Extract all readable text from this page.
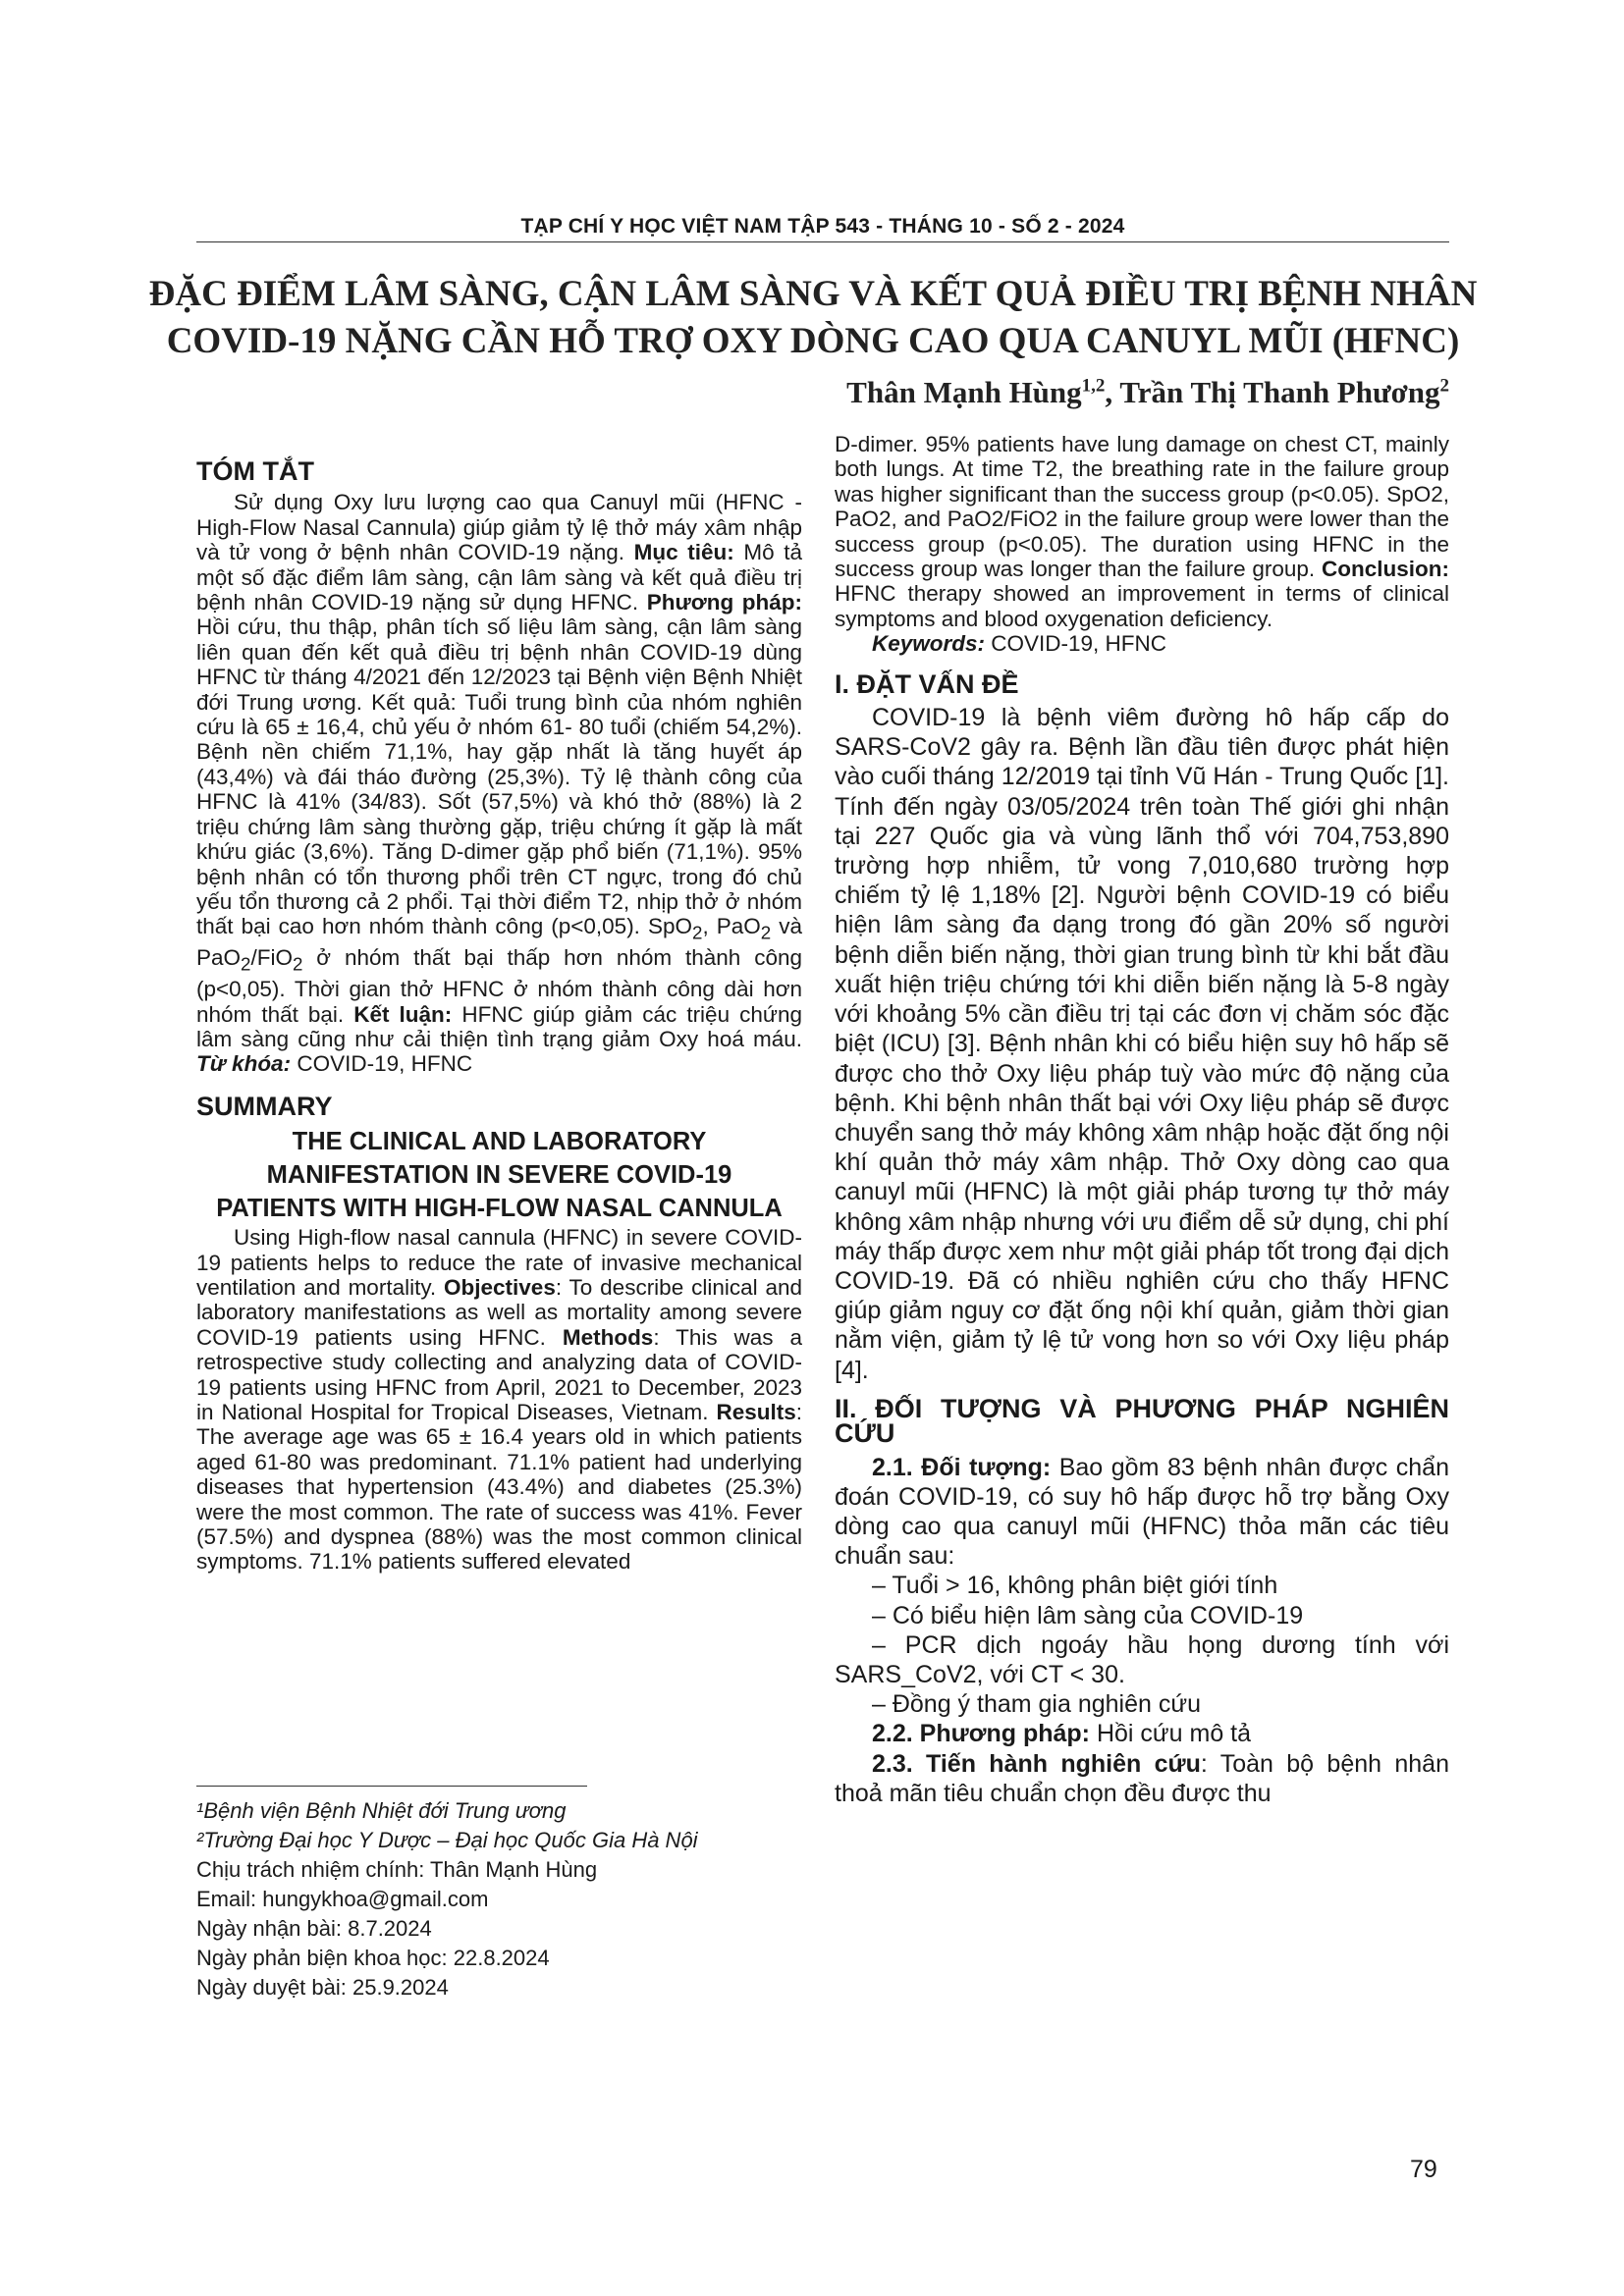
TẠP CHÍ Y HỌC VIỆT NAM TẬP 543 - THÁNG 10 - SỐ 2 - 2024
ĐẶC ĐIỂM LÂM SÀNG, CẬN LÂM SÀNG VÀ KẾT QUẢ ĐIỀU TRỊ BỆNH NHÂN
COVID-19 NẶNG CẦN HỖ TRỢ OXY DÒNG CAO QUA CANUYL MŨI (HFNC)
Thân Mạnh Hùng$^{1,2}$, Trần Thị Thanh Phương$^2$
TÓM TẮT

Sử dụng Oxy lưu lượng cao qua Canuyl mũi (HFNC - High-Flow Nasal Cannula) giúp giảm tỷ lệ thở máy xâm nhập và tử vong ở bệnh nhân COVID-19 nặng. Mục tiêu: Mô tả một số đặc điểm lâm sàng, cận lâm sàng và kết quả điều trị bệnh nhân COVID-19 nặng sử dụng HFNC. Phương pháp: Hồi cứu, thu thập, phân tích số liệu lâm sàng, cận lâm sàng liên quan đến kết quả điều trị bệnh nhân COVID-19 dùng HFNC từ tháng 4/2021 đến 12/2023 tại Bệnh viện Bệnh Nhiệt đới Trung ương. Kết quả: Tuổi trung bình của nhóm nghiên cứu là 65 ± 16,4, chủ yếu ở nhóm 61- 80 tuổi (chiếm 54,2%). Bệnh nền chiếm 71,1%, hay gặp nhất là tăng huyết áp (43,4%) và đái tháo đường (25,3%). Tỷ lệ thành công của HFNC là 41% (34/83). Sốt (57,5%) và khó thở (88%) là 2 triệu chứng lâm sàng thường gặp, triệu chứng ít gặp là mất khứu giác (3,6%). Tăng D-dimer gặp phổ biến (71,1%). 95% bệnh nhân có tổn thương phổi trên CT ngực, trong đó chủ yếu tổn thương cả 2 phổi. Tại thời điểm T2, nhịp thở ở nhóm thất bại cao hơn nhóm thành công (p<0,05). SpO$_2$, PaO$_2$ và PaO$_2$/FiO$_2$ ở nhóm thất bại thấp hơn nhóm thành công (p<0,05). Thời gian thở HFNC ở nhóm thành công dài hơn nhóm thất bại. Kết luận: HFNC giúp giảm các triệu chứng lâm sàng cũng như cải thiện tình trạng giảm Oxy hoá máu. Từ khóa: COVID-19, HFNC

SUMMARY
THE CLINICAL AND LABORATORY
MANIFESTATION IN SEVERE COVID-19
PATIENTS WITH HIGH-FLOW NASAL CANNULA

Using High-flow nasal cannula (HFNC) in severe COVID-19 patients helps to reduce the rate of invasive mechanical ventilation and mortality. Objectives: To describe clinical and laboratory manifestations as well as mortality among severe COVID-19 patients using HFNC. Methods: This was a retrospective study collecting and analyzing data of COVID-19 patients using HFNC from April, 2021 to December, 2023 in National Hospital for Tropical Diseases, Vietnam. Results: The average age was 65 ± 16.4 years old in which patients aged 61-80 was predominant. 71.1% patient had underlying diseases that hypertension (43.4%) and diabetes (25.3%) were the most common. The rate of success was 41%. Fever (57.5%) and dyspnea (88%) was the most common clinical symptoms. 71.1% patients suffered elevated

¹Bệnh viện Bệnh Nhiệt đới Trung ương
²Trường Đại học Y Dược – Đại học Quốc Gia Hà Nội
Chịu trách nhiệm chính: Thân Mạnh Hùng
Email: hungykhoa@gmail.com
Ngày nhận bài: 8.7.2024
Ngày phản biện khoa học: 22.8.2024
Ngày duyệt bài: 25.9.2024

D-dimer. 95% patients have lung damage on chest CT, mainly both lungs. At time T2, the breathing rate in the failure group was higher significant than the success group (p<0.05). SpO2, PaO2, and PaO2/FiO2 in the failure group were lower than the success group (p<0.05). The duration using HFNC in the success group was longer than the failure group. Conclusion: HFNC therapy showed an improvement in terms of clinical symptoms and blood oxygenation deficiency.

Keywords: COVID-19, HFNC

I. ĐẶT VẤN ĐỀ

COVID-19 là bệnh viêm đường hô hấp cấp do SARS-CoV2 gây ra. Bệnh lần đầu tiên được phát hiện vào cuối tháng 12/2019 tại tỉnh Vũ Hán - Trung Quốc [1]. Tính đến ngày 03/05/2024 trên toàn Thế giới ghi nhận tại 227 Quốc gia và vùng lãnh thổ với 704,753,890 trường hợp nhiễm, tử vong 7,010,680 trường hợp chiếm tỷ lệ 1,18% [2]. Người bệnh COVID-19 có biểu hiện lâm sàng đa dạng trong đó gần 20% số người bệnh diễn biến nặng, thời gian trung bình từ khi bắt đầu xuất hiện triệu chứng tới khi diễn biến nặng là 5-8 ngày với khoảng 5% cần điều trị tại các đơn vị chăm sóc đặc biệt (ICU) [3]. Bệnh nhân khi có biểu hiện suy hô hấp sẽ được cho thở Oxy liệu pháp tuỳ vào mức độ nặng của bệnh. Khi bệnh nhân thất bại với Oxy liệu pháp sẽ được chuyển sang thở máy không xâm nhập hoặc đặt ống nội khí quản thở máy xâm nhập. Thở Oxy dòng cao qua canuyl mũi (HFNC) là một giải pháp tương tự thở máy không xâm nhập nhưng với ưu điểm dễ sử dụng, chi phí máy thấp được xem như một giải pháp tốt trong đại dịch COVID-19. Đã có nhiều nghiên cứu cho thấy HFNC giúp giảm nguy cơ đặt ống nội khí quản, giảm thời gian nằm viện, giảm tỷ lệ tử vong hơn so với Oxy liệu pháp [4].

II. ĐỐI TƯỢNG VÀ PHƯƠNG PHÁP NGHIÊN CỨU

2.1. Đối tượng: Bao gồm 83 bệnh nhân được chẩn đoán COVID-19, có suy hô hấp được hỗ trợ bằng Oxy dòng cao qua canuyl mũi (HFNC) thỏa mãn các tiêu chuẩn sau:

– Tuổi > 16, không phân biệt giới tính

– Có biểu hiện lâm sàng của COVID-19

– PCR dịch ngoáy hầu họng dương tính với SARS_CoV2, với CT < 30.

– Đồng ý tham gia nghiên cứu

2.2. Phương pháp: Hồi cứu mô tả

2.3. Tiến hành nghiên cứu: Toàn bộ bệnh nhân thoả mãn tiêu chuẩn chọn đều được thu

79
